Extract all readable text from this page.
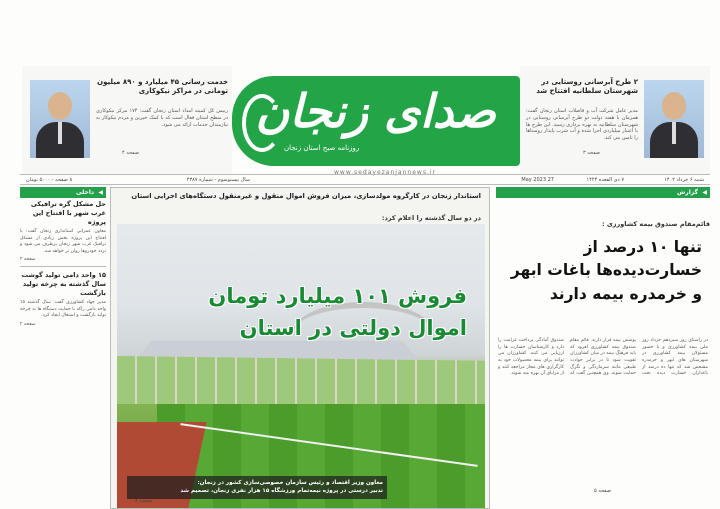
۲ طرح آبرسانی روستایی در شهرستان سلطانیه افتتاح شد
مدیر عامل شرکت آب و فاضلاب استان زنجان گفت: همزمان با هفته دولت دو طرح آبرسانی روستایی در شهرستان سلطانیه به بهره برداری رسید. این طرح ها با اعتبار میلیاردی اجرا شده و آب شرب پایدار روستاها را تامین می کند.
صفحه ۳
صدای زنجان
روزنامه صبح استان زنجان
www.sedayezanjannews.ir
خدمت رسانی ۴۵ میلیارد و ۸۹۰ میلیون تومانی در مراکز نیکوکاری
رییس کل کمیته امداد استان زنجان گفت: ۱۷۴ مرکز نیکوکاری در سطح استان فعال است که با کمک خیرین و مردم نیکوکار به نیازمندان خدمات ارائه می شود.
صفحه ۴
شنبه ۶ خرداد ۱۴۰۲
۷ ذی القعده ۱۴۴۴
27 May 2023
سال بیستوسوم - شماره ۴۳۸۷
۸ صفحه - ۵۰۰۰ تومان
◀
گزارش
◀
داخلی
حل مشکل گره ترافیکی غرب شهر با افتتاح این پروژه
معاون عمرانی استانداری زنجان گفت: با افتتاح این پروژه بخش زیادی از مشکل ترافیک غرب شهر زنجان برطرف می شود و تردد خودروها روان تر خواهد شد.
صفحه ۲
۱۵ واحد دامی تولید گوشت سال گذشته به چرخه تولید بازگشت
مدیر جهاد کشاورزی گفت: سال گذشته ۱۵ واحد دامی راکد با حمایت دستگاه ها به چرخه تولید بازگشت و اشتغال ایجاد کرد.
صفحه ۲
استاندار زنجان در کارگروه مولدسازی، میزان فروش اموال منقول و غیرمنقول دستگاه‌های اجرایی استان
در دو سال گذشته را اعلام کرد:
فروش ۱۰۱ میلیارد تومان
اموال دولتی در استان
معاون وزیر اقتصاد و رئیس سازمان خصوصی‌سازی کشور در زنجان:
تدبیر درستی در پروژه نیمه‌تمام ورزشگاه ۱۵ هزار نفری زنجان، تصمیم شد
صفحه ۸
قائم‌مقام صندوق بیمه کشاورزی :
تنها ۱۰ درصد از خسارت‌دیده‌ها باغات ابهر و خرمدره بیمه دارند
در راستای روز سیزدهم خرداد روز ملی بیمه کشاورزی و با حضور مسئولان بیمه کشاورزی در شهرستان های ابهر و خرمدره مشخص شد که تنها ده درصد از باغداران خسارت دیده تحت پوشش بیمه قرار دارند. قائم مقام صندوق بیمه کشاورزی افزود که باید فرهنگ بیمه در میان کشاورزان تقویت شود تا در برابر حوادث طبیعی مانند سرمازدگی و تگرگ حمایت شوند. وی همچنین گفت که صندوق آمادگی پرداخت غرامت را دارد و کارشناسان خسارت ها را ارزیابی می کنند. کشاورزان می توانند برای بیمه محصولات خود به کارگزاری های مجاز مراجعه کنند و از مزایای آن بهره مند شوند.
صفحه ۵
